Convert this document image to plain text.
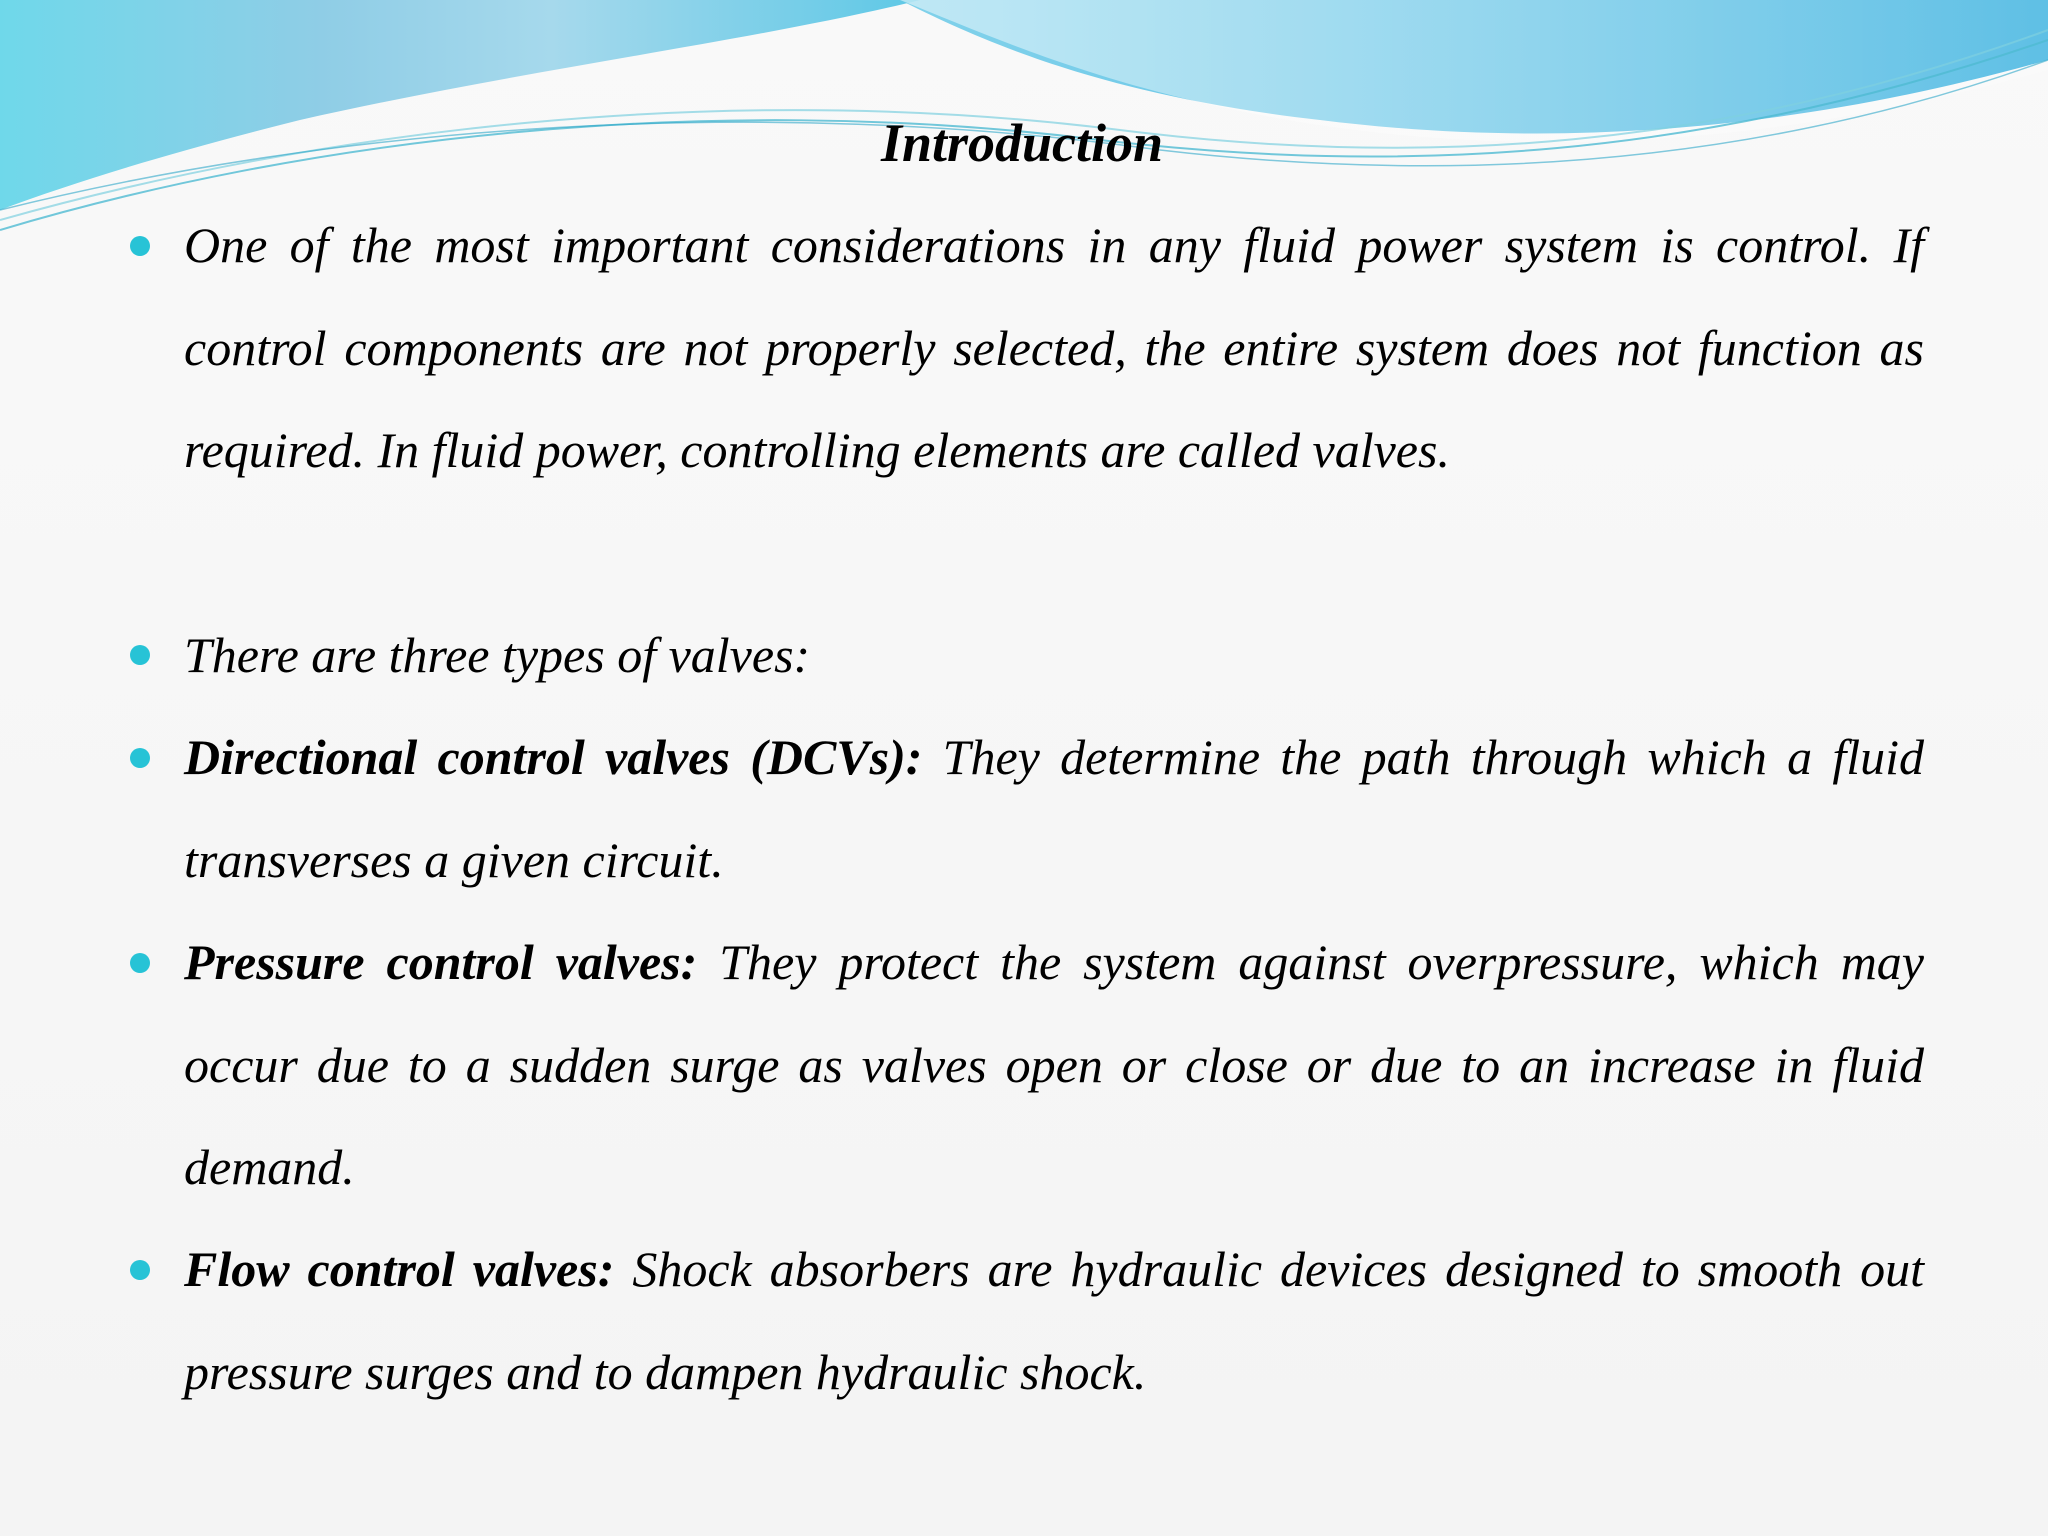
Introduction
One of the most important considerations in any fluid power system is control. If control components are not properly selected, the entire system does not function as required. In fluid power, controlling elements are called valves.
There are three types of valves:
Directional control valves (DCVs): They determine the path through which a fluid transverses a given circuit.
Pressure control valves: They protect the system against overpressure, which may occur due to a sudden surge as valves open or close or due to an increase in fluid demand.
Flow control valves: Shock absorbers are hydraulic devices designed to smooth out pressure surges and to dampen hydraulic shock.
